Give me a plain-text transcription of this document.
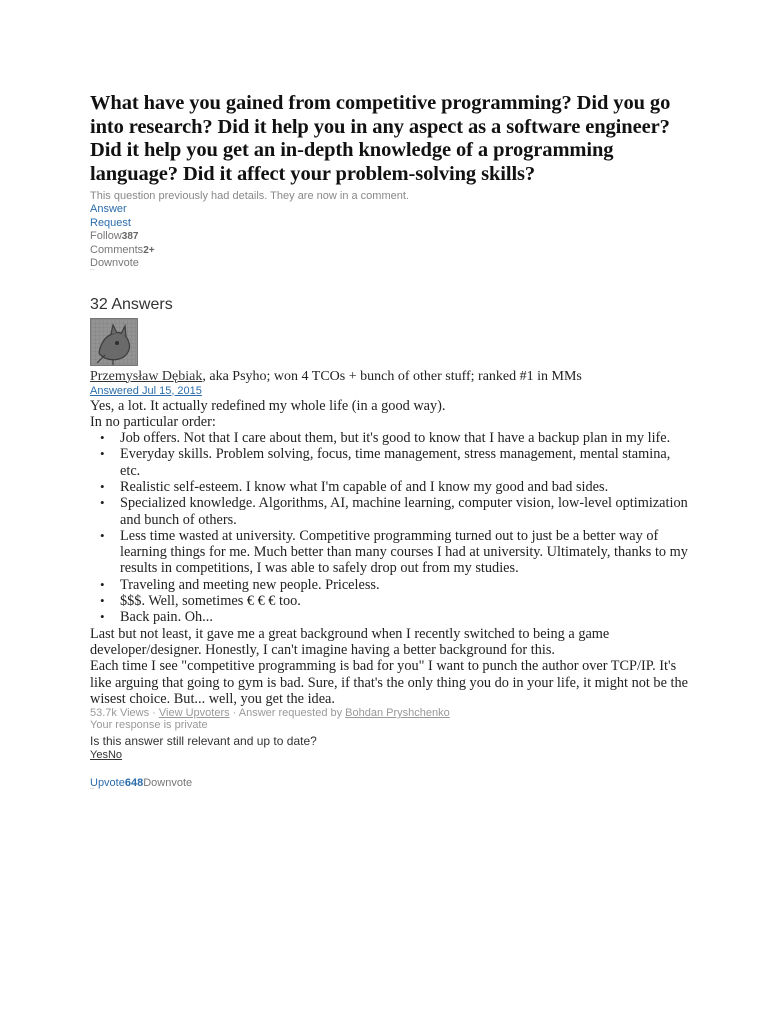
What have you gained from competitive programming? Did you go into research? Did it help you in any aspect as a software engineer? Did it help you get an in-depth knowledge of a programming language? Did it affect your problem-solving skills?
This question previously had details. They are now in a comment.
Answer
Request
Follow387
Comments2+
Downvote
¯
32 Answers
Przemysław Dębiak, aka Psyho; won 4 TCOs + bunch of other stuff; ranked #1 in MMs
Answered Jul 15, 2015

Yes, a lot. It actually redefined my whole life (in a good way).

In no particular order:

• Job offers. Not that I care about them, but it's good to know that I have a backup plan in my life.
• Everyday skills. Problem solving, focus, time management, stress management, mental stamina, etc.
• Realistic self-esteem. I know what I'm capable of and I know my good and bad sides.
• Specialized knowledge. Algorithms, AI, machine learning, computer vision, low-level optimization and bunch of others.
• Less time wasted at university. Competitive programming turned out to just be a better way of learning things for me. Much better than many courses I had at university. Ultimately, thanks to my results in competitions, I was able to safely drop out from my studies.
• Traveling and meeting new people. Priceless.
• $$$. Well, sometimes € € € too.
• Back pain. Oh...

Last but not least, it gave me a great background when I recently switched to being a game developer/designer. Honestly, I can't imagine having a better background for this.

Each time I see "competitive programming is bad for you" I want to punch the author over TCP/IP. It's like arguing that going to gym is bad. Sure, if that's the only thing you do in your life, it might not be the wisest choice. But... well, you get the idea.

53.7k Views · View Upvoters · Answer requested by Bohdan Pryshchenko
Your response is private
Is this answer still relevant and up to date?
YesNo
Upvote648Downvote
¯
